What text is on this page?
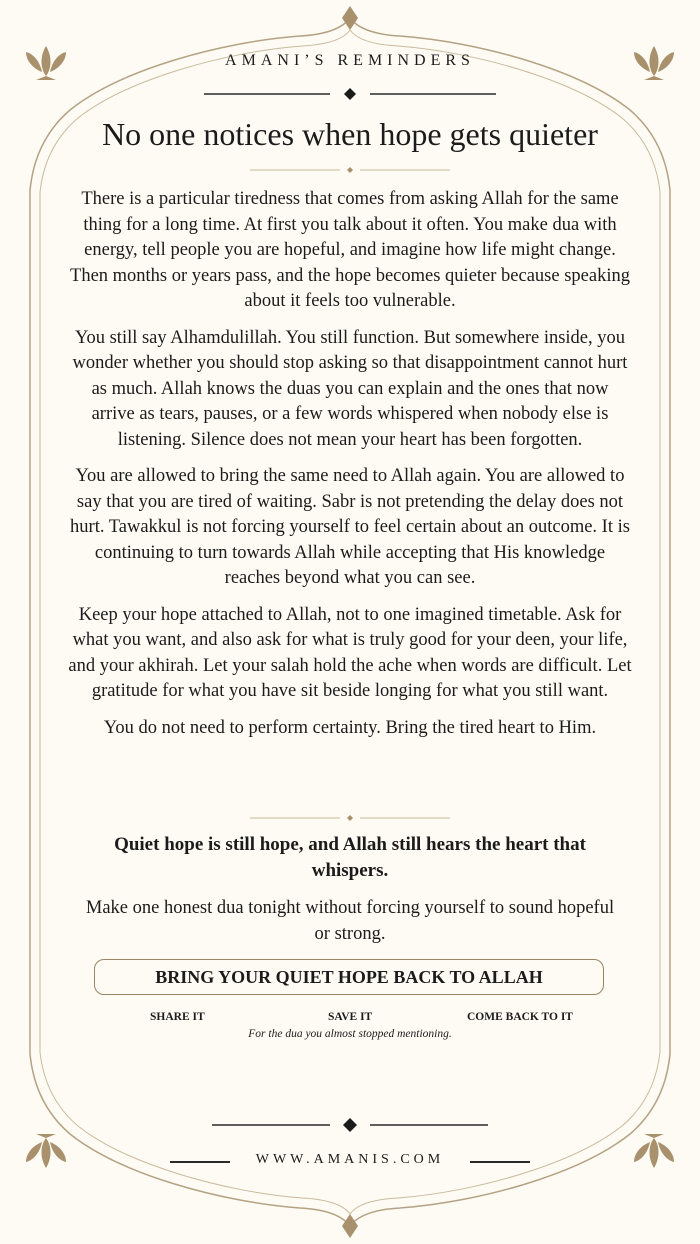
AMANI’S REMINDERS
No one notices when hope gets quieter

There is a particular tiredness that comes from asking Allah for the same thing for a long time. At first you talk about it often. You make dua with energy, tell people you are hopeful, and imagine how life might change. Then months or years pass, and the hope becomes quieter because speaking about it feels too vulnerable.

You still say Alhamdulillah. You still function. But somewhere inside, you wonder whether you should stop asking so that disappointment cannot hurt as much. Allah knows the duas you can explain and the ones that now arrive as tears, pauses, or a few words whispered when nobody else is listening. Silence does not mean your heart has been forgotten.

You are allowed to bring the same need to Allah again. You are allowed to say that you are tired of waiting. Sabr is not pretending the delay does not hurt. Tawakkul is not forcing yourself to feel certain about an outcome. It is continuing to turn towards Allah while accepting that His knowledge reaches beyond what you can see.

Keep your hope attached to Allah, not to one imagined timetable. Ask for what you want, and also ask for what is truly good for your deen, your life, and your akhirah. Let your salah hold the ache when words are difficult. Let gratitude for what you have sit beside longing for what you still want.

You do not need to perform certainty. Bring the tired heart to Him.

Quiet hope is still hope, and Allah still hears the heart that whispers.
Make one honest dua tonight without forcing yourself to sound hopeful or strong.
BRING YOUR QUIET HOPE BACK TO ALLAH
SHARE IT	SAVE IT	COME BACK TO IT
For the dua you almost stopped mentioning.
WWW.AMANIS.COM
